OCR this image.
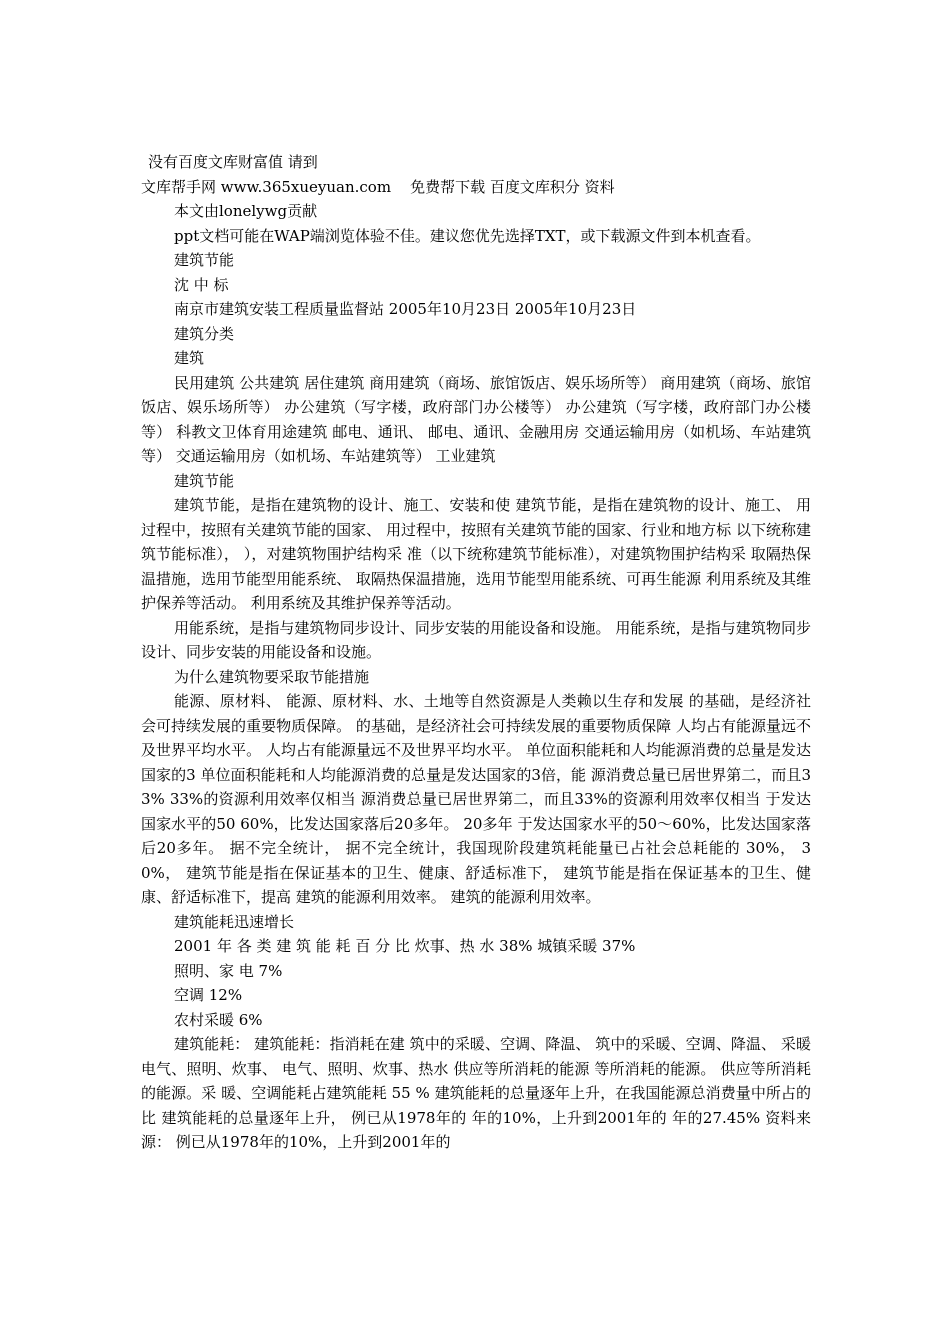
没有百度文库财富值 请到
文库帮手网 www.365xueyuan.com    免费帮下载 百度文库积分 资料
本文由lonelywg贡献
ppt文档可能在WAP端浏览体验不佳。建议您优先选择TXT，或下载源文件到本机查看。
建筑节能
沈 中 标
南京市建筑安装工程质量监督站 2005年10月23日 2005年10月23日
建筑分类
建筑
民用建筑 公共建筑 居住建筑 商用建筑（商场、旅馆饭店、娱乐场所等） 商用建筑（商场、旅馆饭店、娱乐场所等） 办公建筑（写字楼，政府部门办公楼等） 办公建筑（写字楼，政府部门办公楼等） 科教文卫体育用途建筑 邮电、通讯、 邮电、通讯、金融用房 交通运输用房（如机场、车站建筑等） 交通运输用房（如机场、车站建筑等） 工业建筑
建筑节能
建筑节能，是指在建筑物的设计、施工、安装和使 建筑节能，是指在建筑物的设计、施工、 用过程中，按照有关建筑节能的国家、 用过程中，按照有关建筑节能的国家、行业和地方标 以下统称建筑节能标准）， ），对建筑物围护结构采 准（以下统称建筑节能标准），对建筑物围护结构采 取隔热保温措施，选用节能型用能系统、 取隔热保温措施，选用节能型用能系统、可再生能源 利用系统及其维护保养等活动。 利用系统及其维护保养等活动。
用能系统，是指与建筑物同步设计、同步安装的用能设备和设施。 用能系统，是指与建筑物同步设计、同步安装的用能设备和设施。
为什么建筑物要采取节能措施
能源、原材料、 能源、原材料、水、土地等自然资源是人类赖以生存和发展 的基础，是经济社会可持续发展的重要物质保障。 的基础，是经济社会可持续发展的重要物质保障 人均占有能源量远不及世界平均水平。 人均占有能源量远不及世界平均水平。 单位面积能耗和人均能源消费的总量是发达国家的3 单位面积能耗和人均能源消费的总量是发达国家的3倍，能 源消费总量已居世界第二，而且33% 33%的资源利用效率仅相当 源消费总量已居世界第二，而且33%的资源利用效率仅相当 于发达国家水平的50 60%，比发达国家落后20多年。 20多年 于发达国家水平的50～60%，比发达国家落后20多年。 据不完全统计， 据不完全统计，我国现阶段建筑耗能量已占社会总耗能的 30%， 30%， 建筑节能是指在保证基本的卫生、健康、舒适标准下， 建筑节能是指在保证基本的卫生、健康、舒适标准下，提高 建筑的能源利用效率。 建筑的能源利用效率。
建筑能耗迅速增长
2001 年 各 类 建 筑 能 耗 百 分 比 炊事、热 水 38% 城镇采暖 37%
照明、家 电 7%
空调 12%
农村采暖 6%
建筑能耗： 建筑能耗：指消耗在建 筑中的采暖、空调、降温、 筑中的采暖、空调、降温、 采暖 电气、照明、炊事、 电气、照明、炊事、热水 供应等所消耗的能源 等所消耗的能源。 供应等所消耗的能源。采 暖、空调能耗占建筑能耗 55 % 建筑能耗的总量逐年上升，在我国能源总消费量中所占的比 建筑能耗的总量逐年上升， 例已从1978年的 年的10%，上升到2001年的 年的27.45% 资料来源： 例已从1978年的10%，上升到2001年的
